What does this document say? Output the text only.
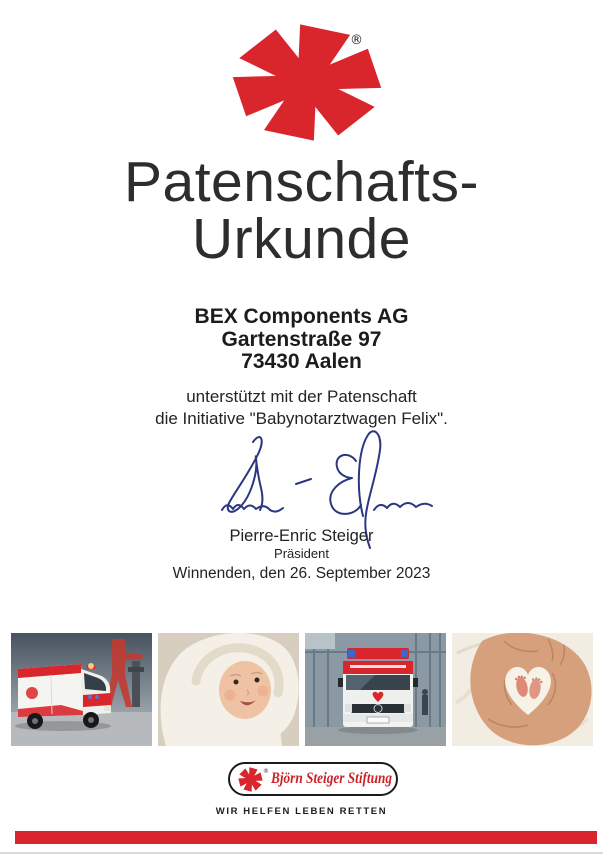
®
Patenschafts-
Urkunde
BEX Components AG
Gartenstraße 97
73430 Aalen
unterstützt mit der Patenschaft
die Initiative "Babynotarztwagen Felix".
Pierre-Enric Steiger
Präsident
Winnenden, den 26. September 2023
® Björn Steiger Stiftung
WIR HELFEN LEBEN RETTEN
